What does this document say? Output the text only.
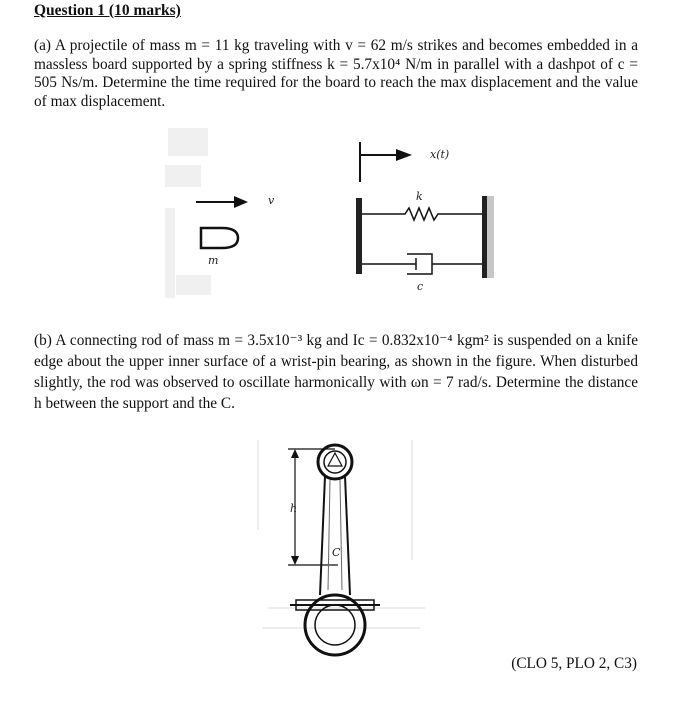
Question 1 (10 marks)
(a) A projectile of mass m = 11 kg traveling with v = 62 m/s strikes and becomes embedded in a massless board supported by a spring stiffness k = 5.7x10⁴ N/m in parallel with a dashpot of c = 505 Ns/m. Determine the time required for the board to reach the max displacement and the value of max displacement.
(b) A connecting rod of mass m = 3.5x10⁻³ kg and Ic = 0.832x10⁻⁴ kgm² is suspended on a knife edge about the upper inner surface of a wrist-pin bearing, as shown in the figure. When disturbed slightly, the rod was observed to oscillate harmonically with ωn = 7 rad/s. Determine the distance h between the support and the C.
(CLO 5, PLO 2, C3)
v
m
x(t)
k
c
h
C
